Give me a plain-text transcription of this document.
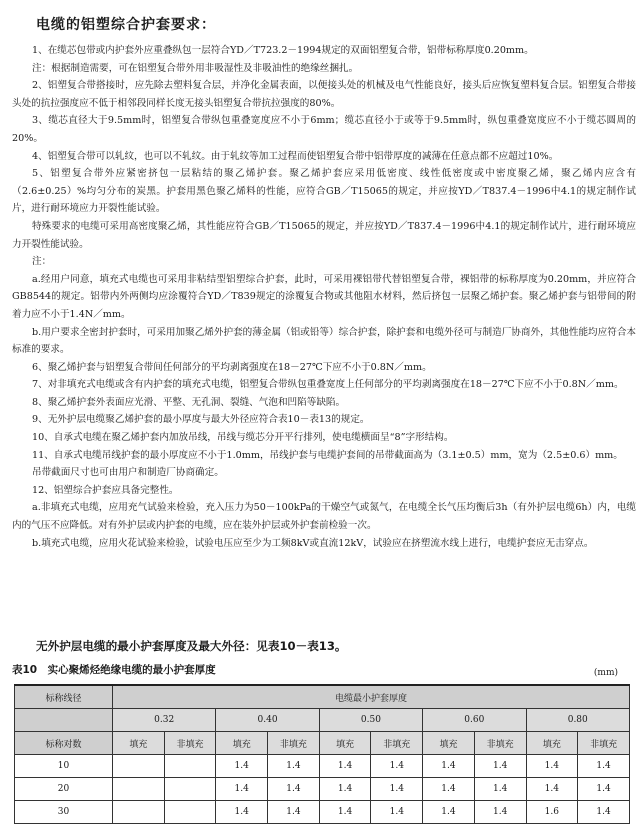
电缆的铝塑综合护套要求：

1、在缆芯包带或内护套外应重叠纵包一层符合YD／T723.2－1994规定的双面铝塑复合带，铝带标称厚度0.20mm。

注：根据制造需要，可在铝塑复合带外用非吸湿性及非吸油性的绝缘丝捆扎。

2、铝塑复合带搭接时，应先除去塑料复合层，并净化金属表面，以便接头处的机械及电气性能良好，接头后应恢复塑料复合层。铝塑复合带接头处的抗拉强度应不低于相邻段同样长度无接头铝塑复合带抗拉强度的80%。

3、缆芯直径大于9.5mm时，铝塑复合带纵包重叠宽度应不小于6mm；缆芯直径小于或等于9.5mm时，纵包重叠宽度应不小于缆芯圆周的20%。

4、铝塑复合带可以轧纹，也可以不轧纹。由于轧纹等加工过程而使铝塑复合带中铝带厚度的减薄在任意点都不应超过10%。

5、铝塑复合带外应紧密挤包一层粘结的聚乙烯护套。聚乙烯护套应采用低密度、线性低密度或中密度聚乙烯，聚乙烯内应含有（2.6±0.25）%均匀分布的炭黑。护套用黑色聚乙烯料的性能，应符合GB／T15065的规定，并应按YD／T837.4－1996中4.1的规定制作试片，进行耐环境应力开裂性能试验。

特殊要求的电缆可采用高密度聚乙烯，其性能应符合GB／T15065的规定，并应按YD／T837.4－1996中4.1的规定制作试片，进行耐环境应力开裂性能试验。

注：

a.经用户同意，填充式电缆也可采用非粘结型铝塑综合护套，此时，可采用裸铝带代替铝塑复合带，裸铝带的标称厚度为0.20mm，并应符合GB8544的规定。铝带内外两侧均应涂覆符合YD／T839规定的涂覆复合物或其他阻水材料，然后挤包一层聚乙烯护套。聚乙烯护套与铝带间的附着力应不小于1.4N／mm。

b.用户要求全密封护套时，可采用加聚乙烯外护套的薄金属（铝或铅等）综合护套，除护套和电缆外径可与制造厂协商外，其他性能均应符合本标准的要求。

6、聚乙烯护套与铝塑复合带间任何部分的平均剥离强度在18－27℃下应不小于0.8N／mm。

7、对非填充式电缆或含有内护套的填充式电缆，铝塑复合带纵包重叠宽度上任何部分的平均剥离强度在18－27℃下应不小于0.8N／mm。

8、聚乙烯护套外表面应光滑、平整、无孔洞、裂缝、气泡和凹陷等缺陷。

9、无外护层电缆聚乙烯护套的最小厚度与最大外径应符合表10－表13的规定。

10、自承式电缆在聚乙烯护套内加放吊线，吊线与缆芯分开平行排列，使电缆横面呈“8”字形结构。

11、自承式电缆吊线护套的最小厚度应不小于1.0mm，吊线护套与电缆护套间的吊带截面高为（3.1±0.5）mm，宽为（2.5±0.6）mm。

吊带截面尺寸也可由用户和制造厂协商确定。

12、铝塑综合护套应具备完整性。

a.非填充式电缆，应用充气试验来检验，充入压力为50－100kPa的干燥空气或氮气，在电缆全长气压均衡后3h（有外护层电缆6h）内，电缆内的气压不应降低。对有外护层或内护套的电缆，应在装外护层或外护套前检验一次。

b.填充式电缆，应用火花试验来检验，试验电压应至少为工频8kV或直流12kV，试验应在挤塑流水线上进行，电缆护套应无击穿点。

无外护层电缆的最小护套厚度及最大外径：见表10－表13。
表10　实心聚烯烃绝缘电缆的最小护套厚度	(mm)
标称线径	电缆最小护套厚度									
	0.32		0.40		0.50		0.60		0.80	
标称对数	填充	非填充	填充	非填充	填充	非填充	填充	非填充	填充	非填充
10			1.4	1.4	1.4	1.4	1.4	1.4	1.4	1.4
20			1.4	1.4	1.4	1.4	1.4	1.4	1.4	1.4
30			1.4	1.4	1.4	1.4	1.4	1.4	1.6	1.4
